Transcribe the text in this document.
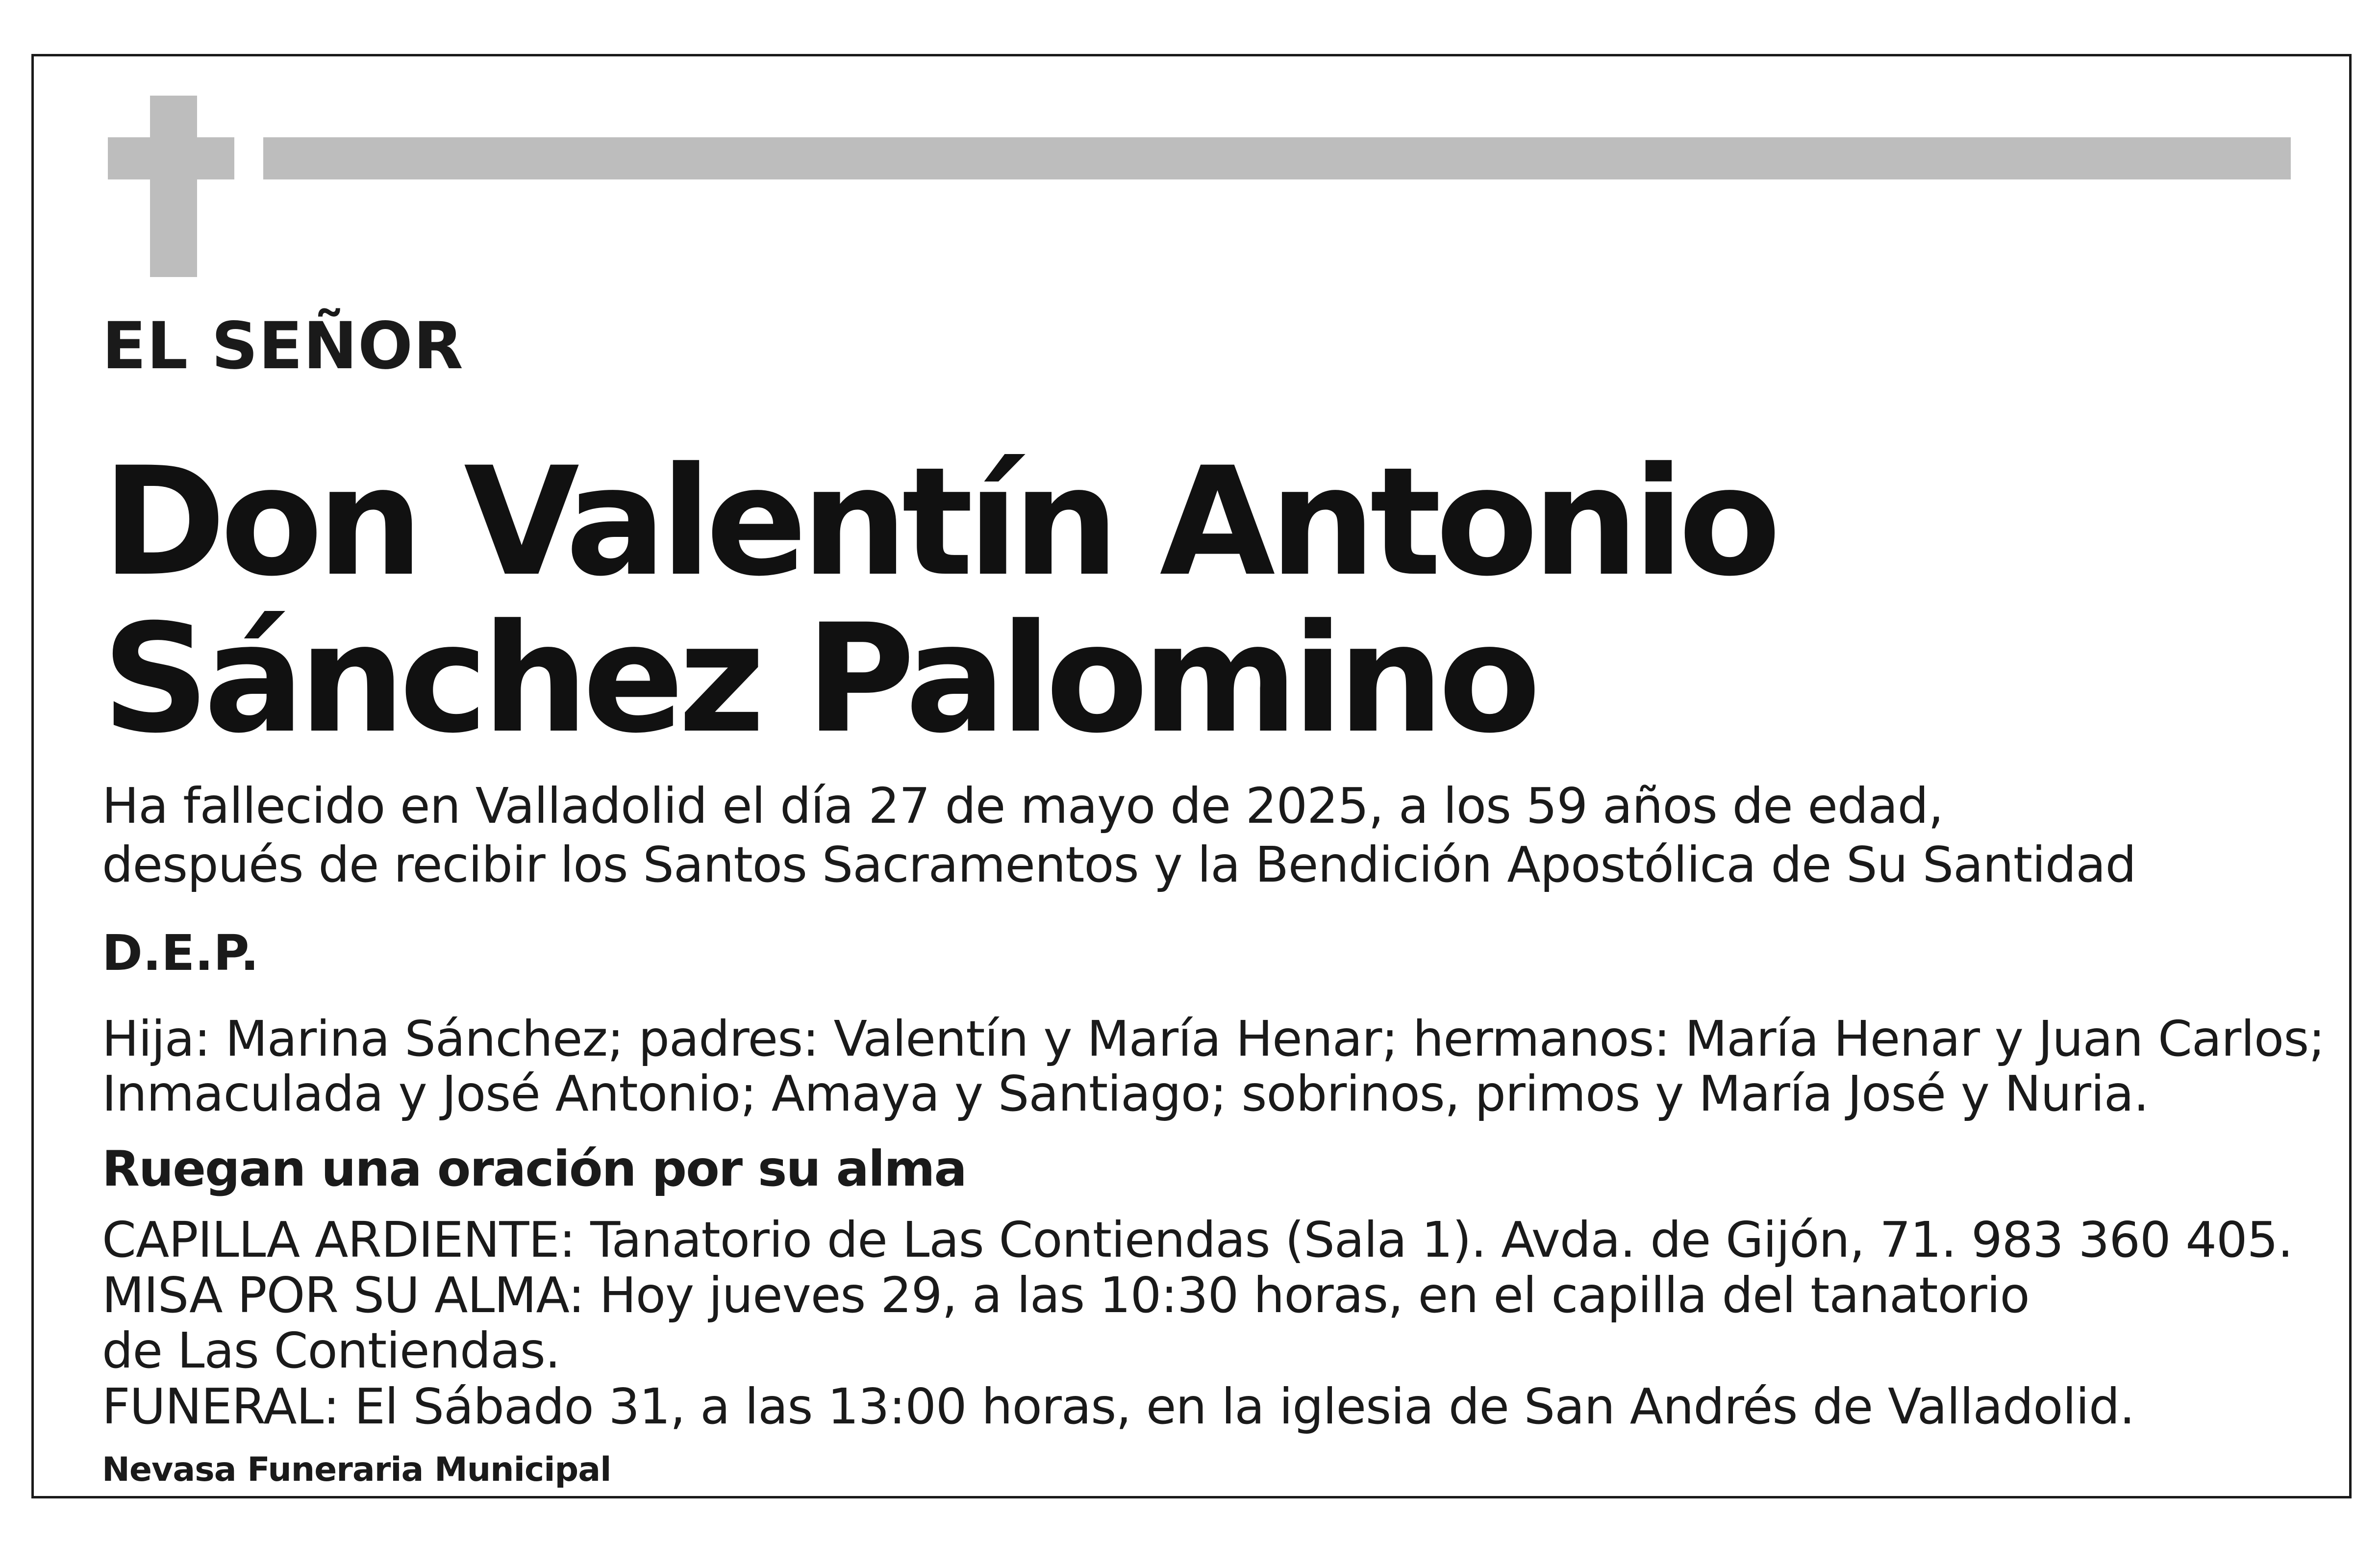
EL SEÑOR

Don Valentín Antonio

Sánchez Palomino

Ha fallecido en Valladolid el día 27 de mayo de 2025, a los 59 años de edad,

después de recibir los Santos Sacramentos y la Bendición Apostólica de Su Santidad

D.E.P.

Hija: Marina Sánchez; padres: Valentín y María Henar; hermanos: María Henar y Juan Carlos;

Inmaculada y José Antonio; Amaya y Santiago; sobrinos, primos y María José y Nuria.

Ruegan una oración por su alma

CAPILLA ARDIENTE: Tanatorio de Las Contiendas (Sala 1). Avda. de Gijón, 71. 983 360 405.

MISA POR SU ALMA: Hoy jueves 29, a las 10:30 horas, en el capilla del tanatorio

de Las Contiendas.

FUNERAL: El Sábado 31, a las 13:00 horas, en la iglesia de San Andrés de Valladolid.

Nevasa Funeraria Municipal
